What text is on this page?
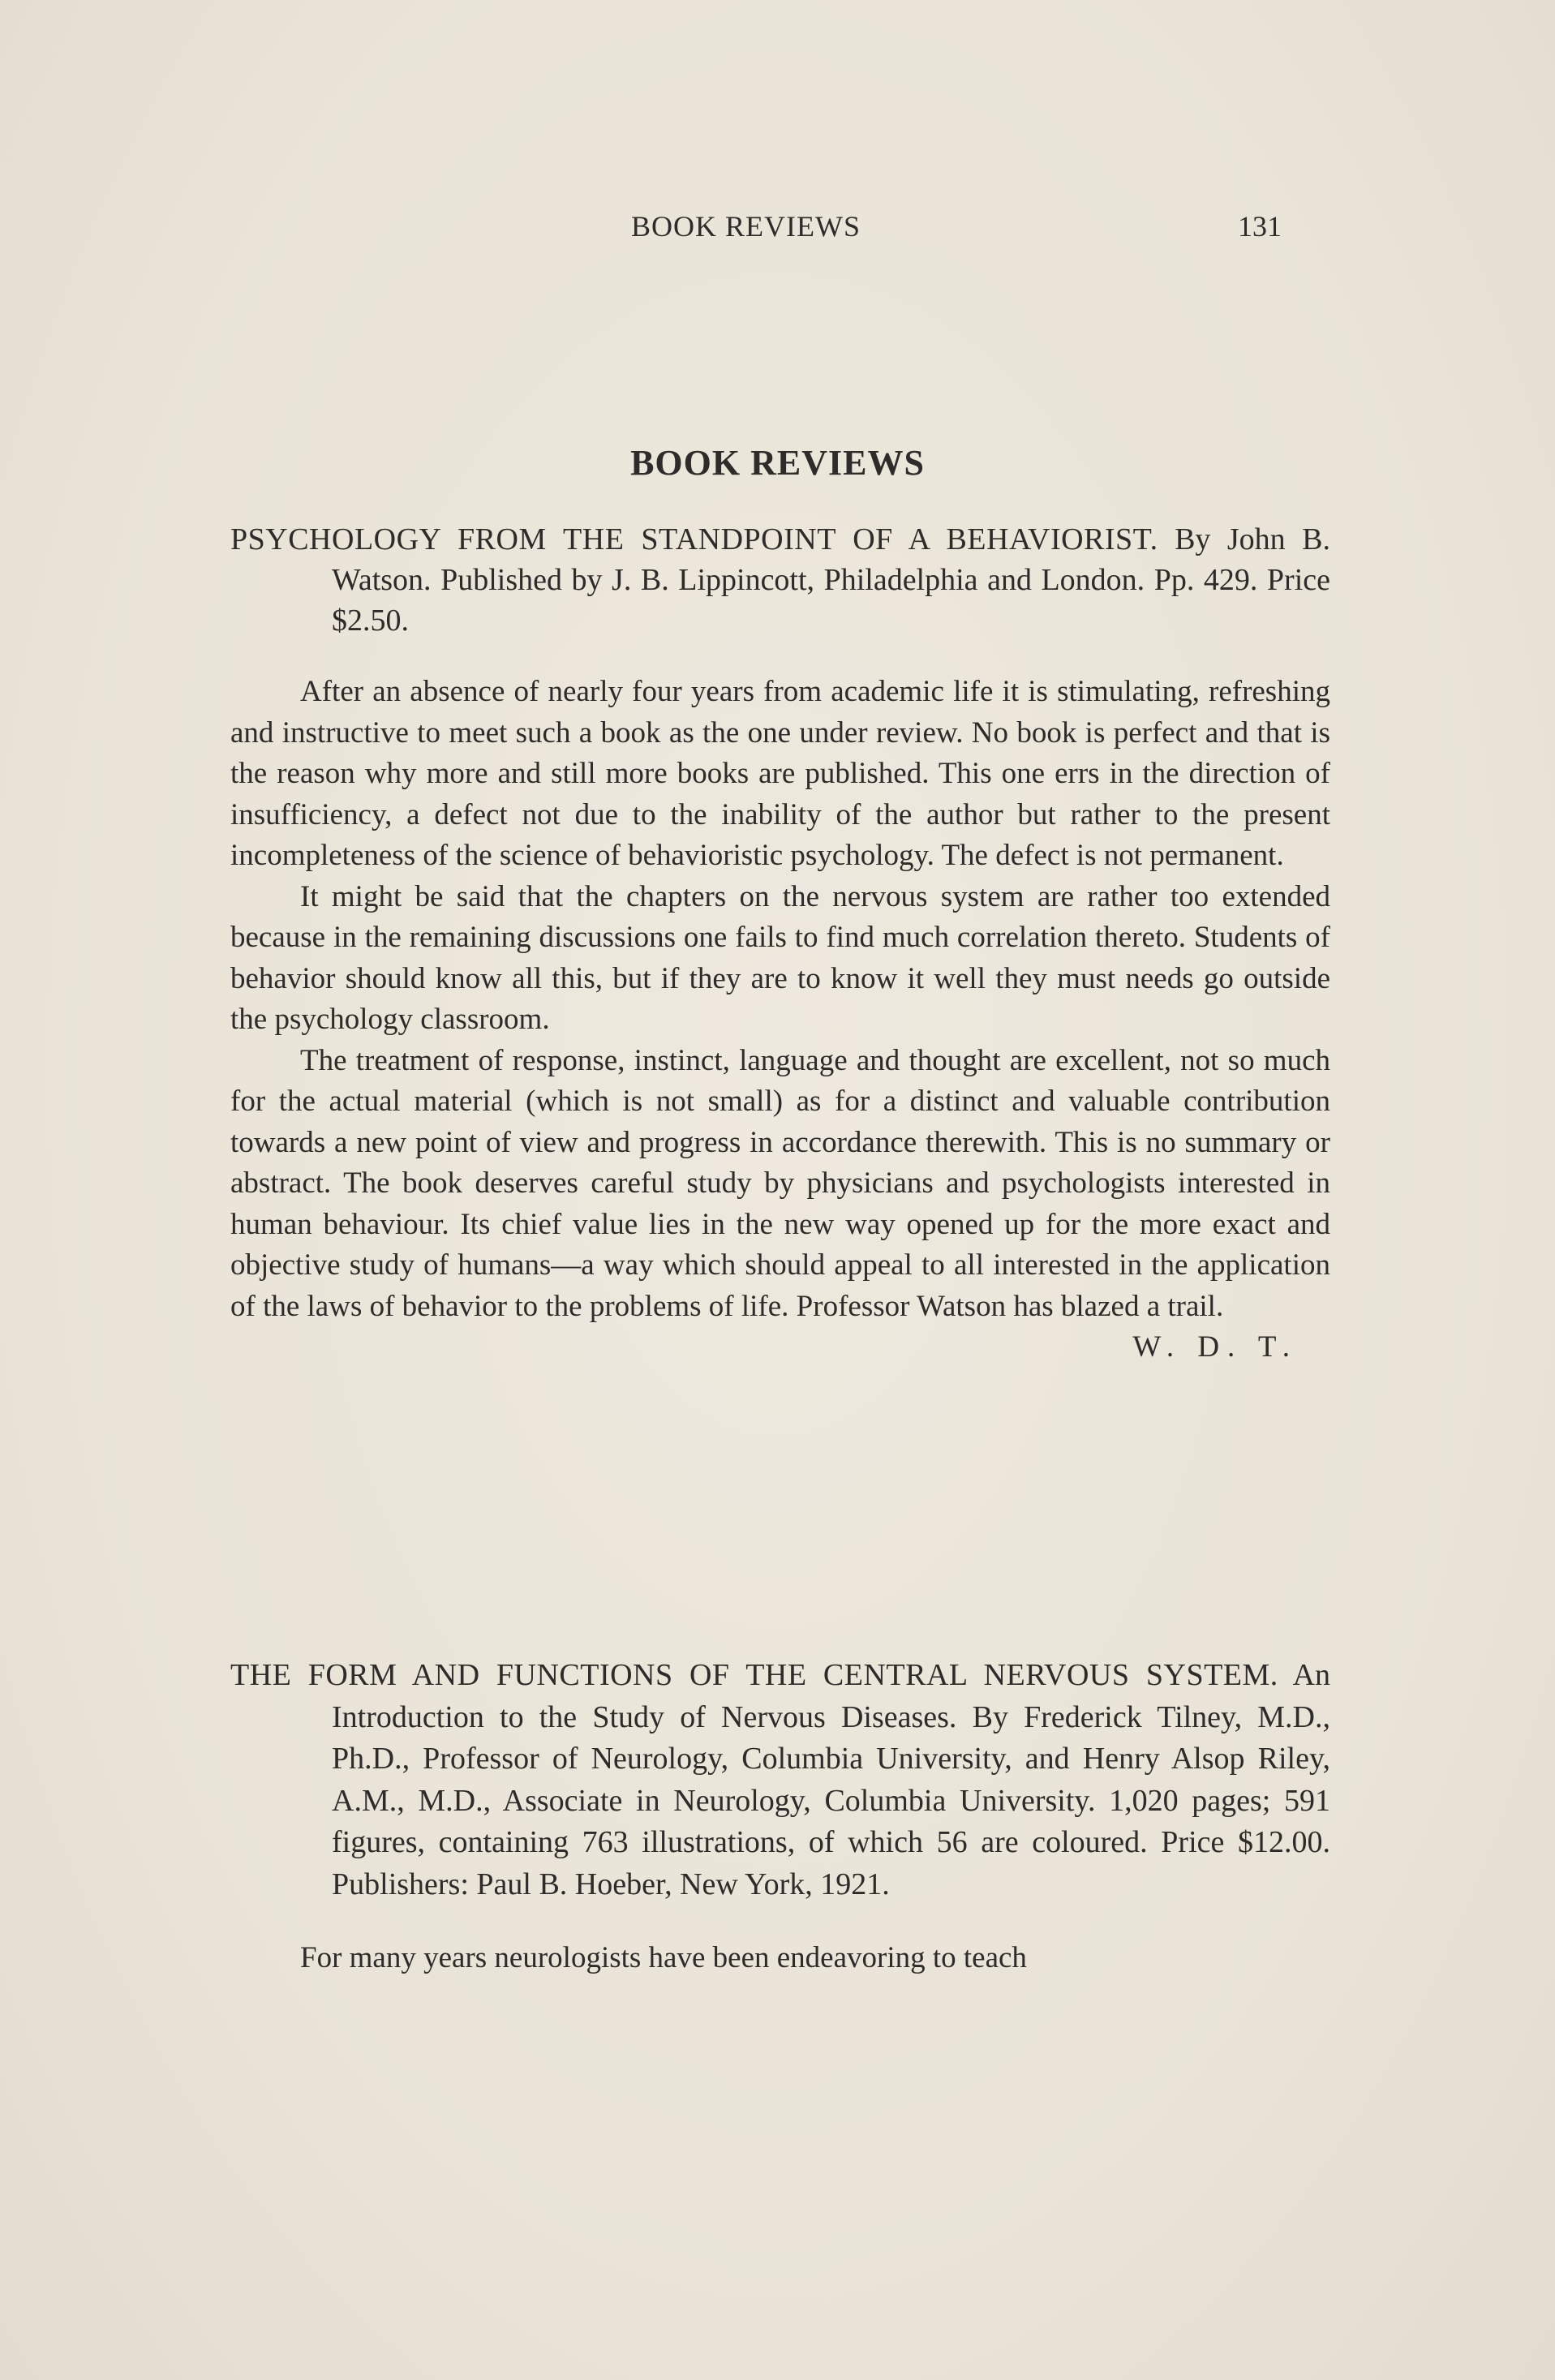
BOOK REVIEWS	131
BOOK REVIEWS

PSYCHOLOGY FROM THE STANDPOINT OF A BEHAVIORIST. By John B. Watson. Published by J. B. Lippincott, Philadelphia and London. Pp. 429. Price $2.50.

After an absence of nearly four years from academic life it is stimulating, refreshing and instructive to meet such a book as the one under review. No book is perfect and that is the reason why more and still more books are published. This one errs in the direction of insufficiency, a defect not due to the inability of the author but rather to the present incompleteness of the science of behavioristic psychology. The defect is not permanent.

It might be said that the chapters on the nervous system are rather too extended because in the remaining discussions one fails to find much correlation thereto. Students of behavior should know all this, but if they are to know it well they must needs go outside the psychology classroom.

The treatment of response, instinct, language and thought are excellent, not so much for the actual material (which is not small) as for a distinct and valuable contribution towards a new point of view and progress in accordance therewith. This is no summary or abstract. The book deserves careful study by physicians and psychologists interested in human behaviour. Its chief value lies in the new way opened up for the more exact and objective study of humans—a way which should appeal to all interested in the application of the laws of behavior to the problems of life. Professor Watson has blazed a trail.

W. D. T.

THE FORM AND FUNCTIONS OF THE CENTRAL NERVOUS SYSTEM. An Introduction to the Study of Nervous Diseases. By Frederick Tilney, M.D., Ph.D., Professor of Neurology, Columbia University, and Henry Alsop Riley, A.M., M.D., Associate in Neurology, Columbia University. 1,020 pages; 591 figures, containing 763 illustrations, of which 56 are coloured. Price $12.00. Publishers: Paul B. Hoeber, New York, 1921.

For many years neurologists have been endeavoring to teach
